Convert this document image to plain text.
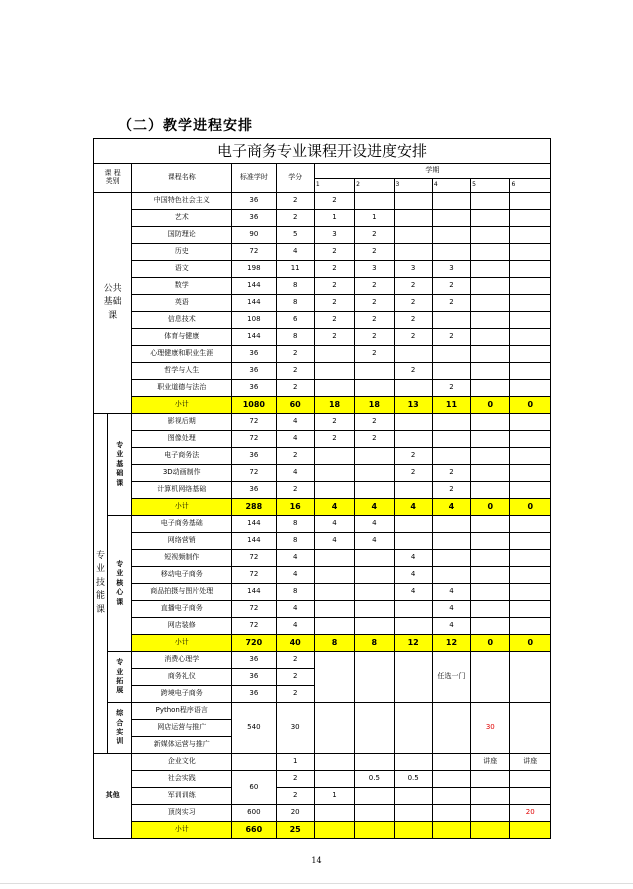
（二）教学进程安排
电子商务专业课程开设进度安排										
课 程
类别		课程名称	标准学时	学分	学期					
					1	2	3	4	5	6
公共
基础
课		中国特色社会主义	36	2	2					
		艺术	36	2	1	1				
		国防理论	90	5	3	2				
		历史	72	4	2	2				
		语文	198	11	2	3	3	3		
		数学	144	8	2	2	2	2		
		英语	144	8	2	2	2	2		
		信息技术	108	6	2	2	2			
		体育与健康	144	8	2	2	2	2		
		心理健康和职业生涯	36	2		2				
		哲学与人生	36	2			2			
		职业道德与法治	36	2				2		
		小计	1080	60	18	18	13	11	0	0
专业
技能
课	专
业
基
础
课	影视后期	72	4	2	2				
		图像处理	72	4	2	2				
		电子商务法	36	2			2			
		3D动画制作	72	4			2	2		
		计算机网络基础	36	2				2		
		小计	288	16	4	4	4	4	0	0
	专
业
核
心
课	电子商务基础	144	8	4	4				
		网络营销	144	8	4	4				
		短视频制作	72	4			4			
		移动电子商务	72	4			4			
		商品拍摄与图片处理	144	8			4	4		
		直播电子商务	72	4				4		
		网店装修	72	4				4		
		小计	720	40	8	8	12	12	0	0
	专
业
拓
展	消费心理学	36	2				任选一门		
		商务礼仪	36	2						
		跨境电子商务	36	2						
	综
合
实
训	Python程序语言	540	30					30	
		网店运营与推广								
		新媒体运营与推广								
其他		企业文化		1					讲座	讲座
		社会实践	60	2		0.5	0.5			
		军训训练		2	1					
		顶岗实习	600	20						20
		小计	660	25						
14
